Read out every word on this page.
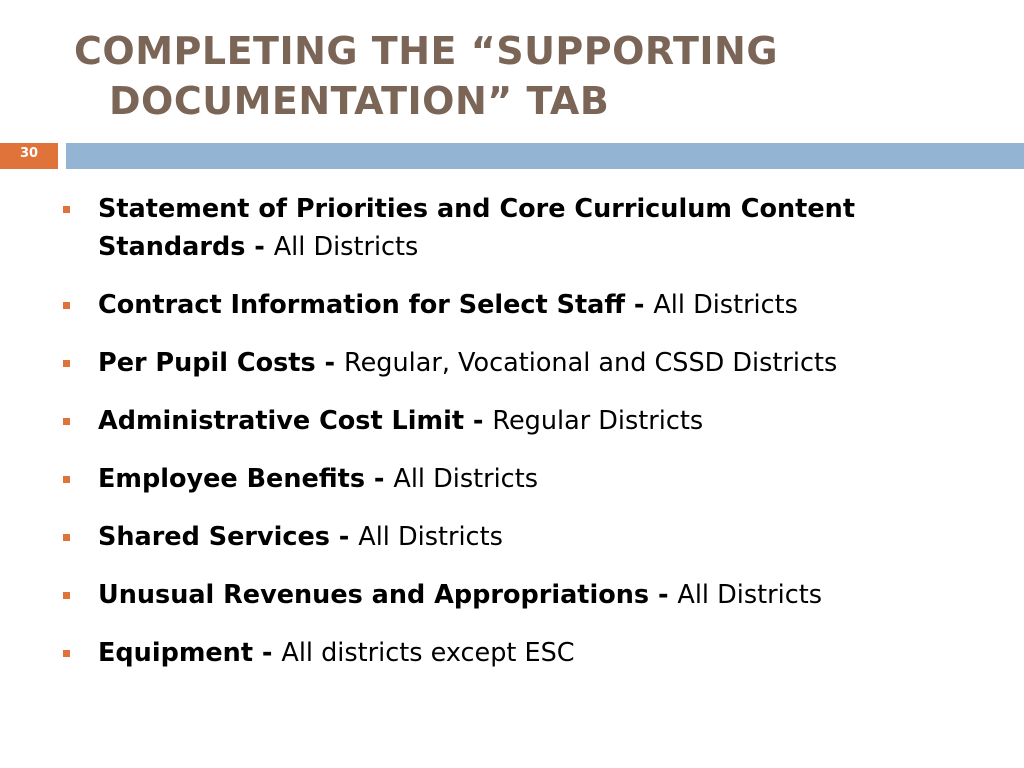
COMPLETING THE “SUPPORTING
DOCUMENTATION” TAB
30
Statement of Priorities and Core Curriculum Content Standards - All Districts
Contract Information for Select Staff - All Districts
Per Pupil Costs - Regular, Vocational and CSSD Districts
Administrative Cost Limit - Regular Districts
Employee Benefits - All Districts
Shared Services - All Districts
Unusual Revenues and Appropriations - All Districts
Equipment - All districts except ESC
